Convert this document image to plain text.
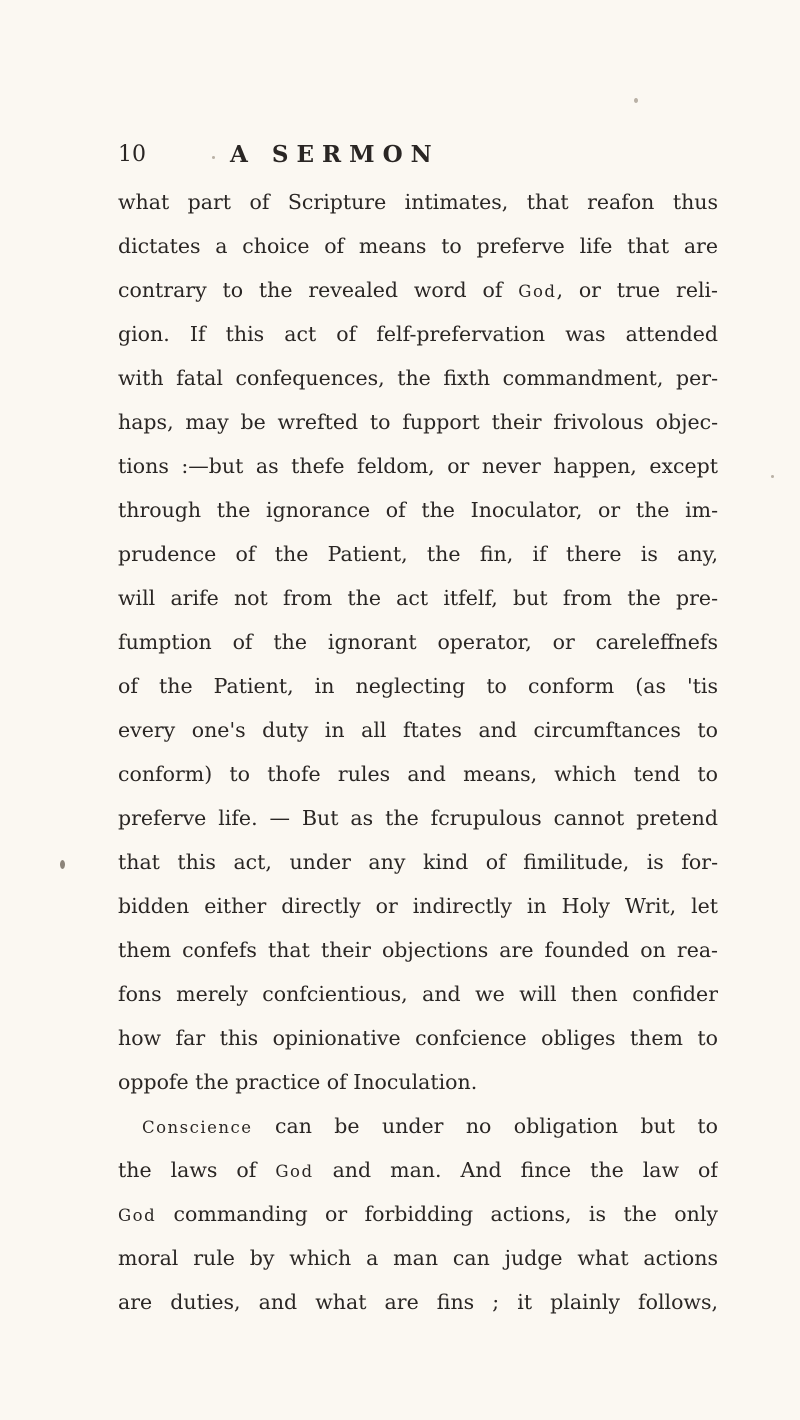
10	A SERMON
what part of Scripture intimates, that reafon thus
dictates a choice of means to preferve life that are
contrary to the revealed word of God, or true reli-
gion. If this act of felf-prefervation was attended
with fatal confequences, the fixth commandment, per-
haps, may be wrefted to fupport their frivolous objec-
tions :—but as thefe feldom, or never happen, except
through the ignorance of the Inoculator, or the im-
prudence of the Patient, the fin, if there is any,
will arife not from the act itfelf, but from the pre-
fumption of the ignorant operator, or careleffnefs
of the Patient, in neglecting to conform (as 'tis
every one's duty in all ftates and circumftances to
conform) to thofe rules and means, which tend to
preferve life. — But as the fcrupulous cannot pretend
that this act, under any kind of fimilitude, is for-
bidden either directly or indirectly in Holy Writ, let
them confefs that their objections are founded on rea-
fons merely confcientious, and we will then confider
how far this opinionative confcience obliges them to
oppofe the practice of Inoculation.
Conscience can be under no obligation but to
the laws of God and man. And fince the law of
God commanding or forbidding actions, is the only
moral rule by which a man can judge what actions
are duties, and what are fins ; it plainly follows,
